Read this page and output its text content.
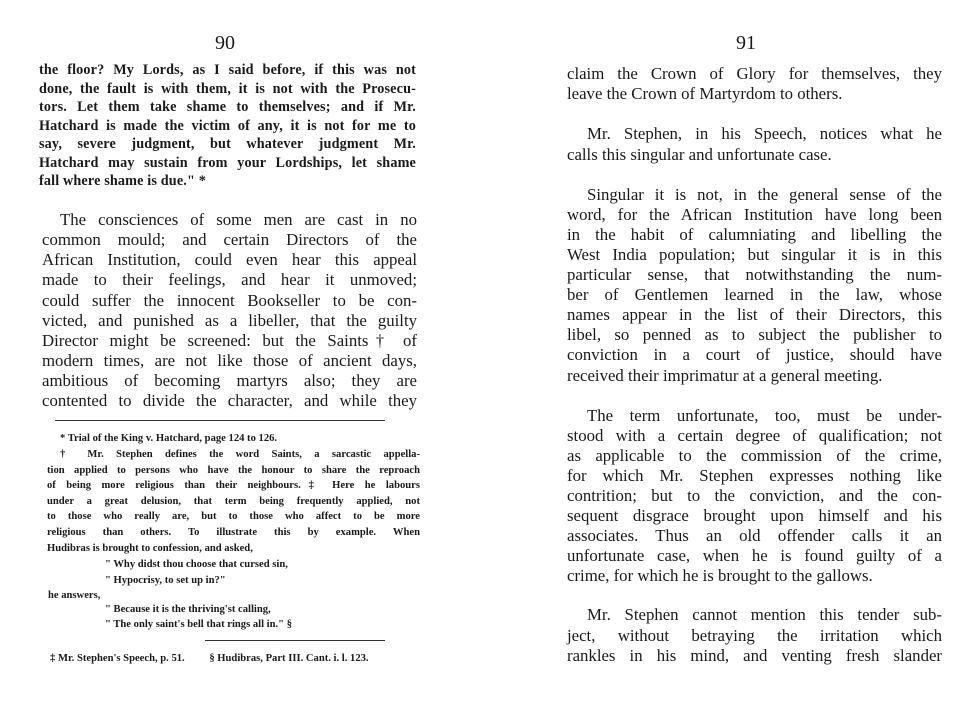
90
the floor? My Lords, as I said before, if this was not
done, the fault is with them, it is not with the Prosecu-
tors. Let them take shame to themselves; and if Mr.
Hatchard is made the victim of any, it is not for me to
say, severe judgment, but whatever judgment Mr.
Hatchard may sustain from your Lordships, let shame
fall where shame is due." *
The consciences of some men are cast in no
common mould; and certain Directors of the
African Institution, could even hear this appeal
made to their feelings, and hear it unmoved;
could suffer the innocent Bookseller to be con-
victed, and punished as a libeller, that the guilty
Director might be screened: but the Saints† of
modern times, are not like those of ancient days,
ambitious of becoming martyrs also; they are
contented to divide the character, and while they
* Trial of the King v. Hatchard, page 124 to 126.
† Mr. Stephen defines the word Saints, a sarcastic appella-
tion applied to persons who have the honour to share the reproach
of being more religious than their neighbours.‡ Here he labours
under a great delusion, that term being frequently applied, not
to those who really are, but to those who affect to be more
religious than others. To illustrate this by example. When
Hudibras is brought to confession, and asked,
" Why didst thou choose that cursed sin,
" Hypocrisy, to set up in?"
he answers,
" Because it is the thriving'st calling,
" The only saint's bell that rings all in." §
‡ Mr. Stephen's Speech, p. 51. § Hudibras, Part III. Cant. i. l. 123.
91
claim the Crown of Glory for themselves, they
leave the Crown of Martyrdom to others.
Mr. Stephen, in his Speech, notices what he
calls this singular and unfortunate case.
Singular it is not, in the general sense of the
word, for the African Institution have long been
in the habit of calumniating and libelling the
West India population; but singular it is in this
particular sense, that notwithstanding the num-
ber of Gentlemen learned in the law, whose
names appear in the list of their Directors, this
libel, so penned as to subject the publisher to
conviction in a court of justice, should have
received their imprimatur at a general meeting.
The term unfortunate, too, must be under-
stood with a certain degree of qualification; not
as applicable to the commission of the crime,
for which Mr. Stephen expresses nothing like
contrition; but to the conviction, and the con-
sequent disgrace brought upon himself and his
associates. Thus an old offender calls it an
unfortunate case, when he is found guilty of a
crime, for which he is brought to the gallows.
Mr. Stephen cannot mention this tender sub-
ject, without betraying the irritation which
rankles in his mind, and venting fresh slander
